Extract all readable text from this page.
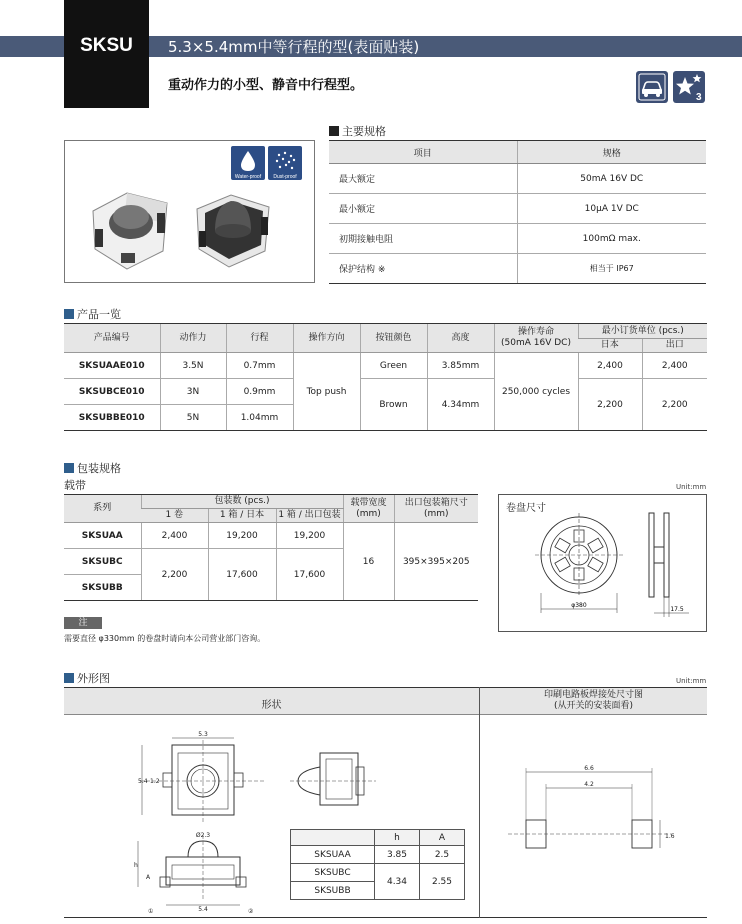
SKSU	5.3×5.4mm中等行程的型(表面贴装)
重动作力的小型、静音中行程型。
3
Water-proof Dust-proof
主要规格
项目	规格
最大额定	50mA 16V DC
最小额定	10μA 1V DC
初期接触电阻	100mΩ max.
保护结构 ※	相当于 IP67
产品一览
产品编号	动作力	行程	操作方向	按钮颜色	高度	操作寿命
(50mA 16V DC)	最小订货单位 (pcs.)	
							日本	出口
SKSUAAE010	3.5N	0.7mm	Top push	Green	3.85mm	250,000 cycles	2,400	2,400
SKSUBCE010	3N	0.9mm		Brown	4.34mm		2,200	2,200
SKSUBBE010	5N	1.04mm						
包装规格
载带	Unit:mm
系列	包装数 (pcs.)			载带宽度
(mm)	出口包装箱尺寸
(mm)
	1 卷	1 箱 / 日本	1 箱 / 出口包装		
SKSUAA	2,400	19,200	19,200	16	395×395×205
SKSUBC	2,200	17,600	17,600		
SKSUBB					
卷盘尺寸
φ380
17.5
注
需要直径 φ330mm 的卷盘时请向本公司营业部门咨询。
外形图	Unit:mm
形状
印刷电路板焊接处尺寸图
(从开关的安装面看)
5.3
5.4 1.2
Ø2.3
h
A
5.4
①	②
	h	A
SKSUAA	3.85	2.5
SKSUBC	4.34	2.55
SKSUBB		
6.6
4.2
1.6
